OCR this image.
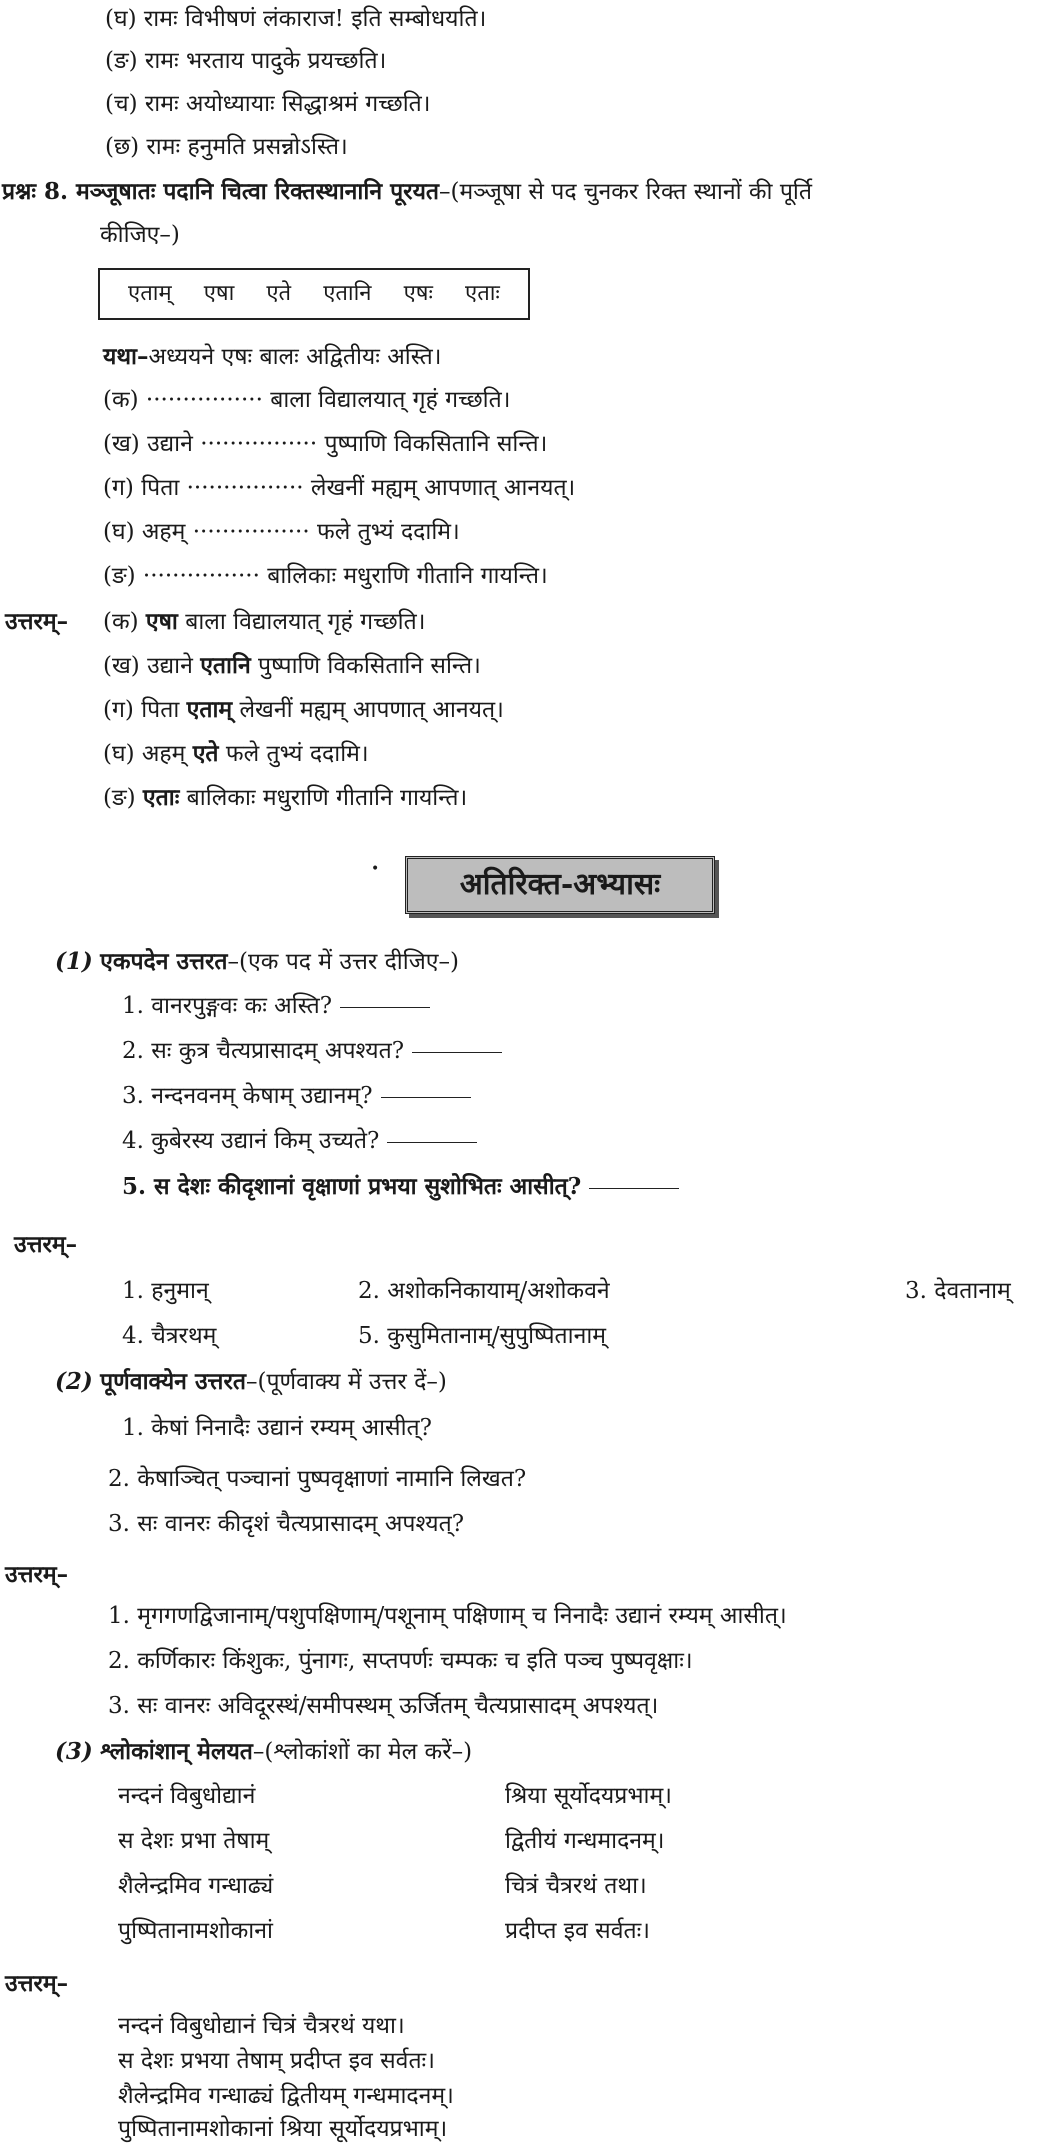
(घ) रामः विभीषणं लंकाराज! इति सम्बोधयति।
(ङ) रामः भरताय पादुके प्रयच्छति।
(च) रामः अयोध्यायाः सिद्धाश्रमं गच्छति।
(छ) रामः हनुमति प्रसन्नोऽस्ति।
प्रश्नः 8. मञ्जूषातः पदानि चित्वा रिक्तस्थानानि पूरयत–(मञ्जूषा से पद चुनकर रिक्त स्थानों की पूर्ति
कीजिए–)
एताम् एषा एते एतानि एषः एताः
यथा–अध्ययने एषः बालः अद्वितीयः अस्ति।
(क) ················ बाला विद्यालयात् गृहं गच्छति।
(ख) उद्याने ················ पुष्पाणि विकसितानि सन्ति।
(ग) पिता ················ लेखनीं मह्यम् आपणात् आनयत्।
(घ) अहम् ················ फले तुभ्यं ददामि।
(ङ) ················ बालिकाः मधुराणि गीतानि गायन्ति।
उत्तरम्– (क) एषा बाला विद्यालयात् गृहं गच्छति।
(ख) उद्याने एतानि पुष्पाणि विकसितानि सन्ति।
(ग) पिता एताम् लेखनीं मह्यम् आपणात् आनयत्।
(घ) अहम् एते फले तुभ्यं ददामि।
(ङ) एताः बालिकाः मधुराणि गीतानि गायन्ति।
•	अतिरिक्त-अभ्यासः
(1) एकपदेन उत्तरत–(एक पद में उत्तर दीजिए–)
1. वानरपुङ्गवः कः अस्ति?
2. सः कुत्र चैत्यप्रासादम् अपश्यत?
3. नन्दनवनम् केषाम् उद्यानम्?
4. कुबेरस्य उद्यानं किम् उच्यते?
5. स देशः कीदृशानां वृक्षाणां प्रभया सुशोभितः आसीत्?
उत्तरम्–
1. हनुमान्	2. अशोकनिकायाम्/अशोकवने	3. देवतानाम्
4. चैत्ररथम्	5. कुसुमितानाम्/सुपुष्पितानाम्
(2) पूर्णवाक्येन उत्तरत–(पूर्णवाक्य में उत्तर दें–)
1. केषां निनादैः उद्यानं रम्यम् आसीत्?
2. केषाञ्चित् पञ्चानां पुष्पवृक्षाणां नामानि लिखत?
3. सः वानरः कीदृशं चैत्यप्रासादम् अपश्यत्?
उत्तरम्–
1. मृगगणद्विजानाम्/पशुपक्षिणाम्/पशूनाम् पक्षिणाम् च निनादैः उद्यानं रम्यम् आसीत्।
2. कर्णिकारः किंशुकः, पुंनागः, सप्तपर्णः चम्पकः च इति पञ्च पुष्पवृक्षाः।
3. सः वानरः अविदूरस्थं/समीपस्थम् ऊर्जितम् चैत्यप्रासादम् अपश्यत्।
(3) श्लोकांशान् मेलयत–(श्लोकांशों का मेल करें–)
नन्दनं विबुधोद्यानं	श्रिया सूर्योदयप्रभाम्।
स देशः प्रभा तेषाम्	द्वितीयं गन्धमादनम्।
शैलेन्द्रमिव गन्धाढ्यं	चित्रं चैत्ररथं तथा।
पुष्पितानामशोकानां	प्रदीप्त इव सर्वतः।
उत्तरम्–
नन्दनं विबुधोद्यानं चित्रं चैत्ररथं यथा।
स देशः प्रभया तेषाम् प्रदीप्त इव सर्वतः।
शैलेन्द्रमिव गन्धाढ्यं द्वितीयम् गन्धमादनम्।
पुष्पितानामशोकानां श्रिया सूर्योदयप्रभाम्।
